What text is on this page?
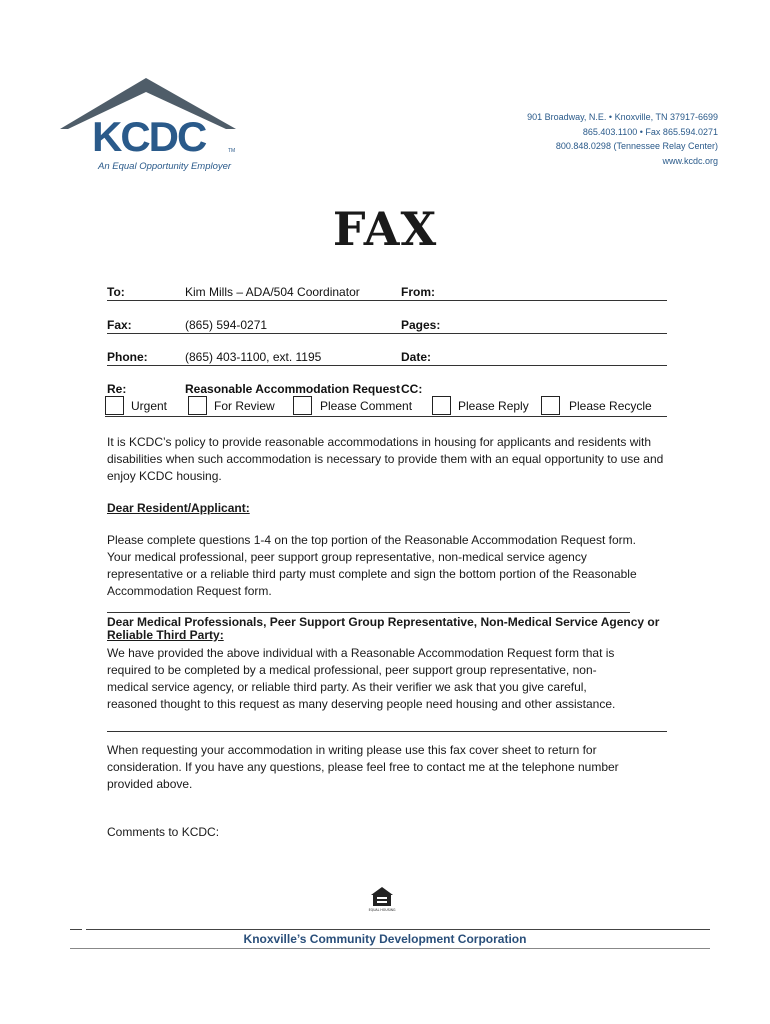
KCDC	TM
An Equal Opportunity Employer
901 Broadway, N.E. • Knoxville, TN 37917-6699
865.403.1100 • Fax 865.594.0271
800.848.0298 (Tennessee Relay Center)
www.kcdc.org
FAX
To:	Kim Mills – ADA/504 Coordinator	From:
Fax:	(865) 594-0271	Pages:
Phone:	(865) 403-1100, ext. 1195	Date:
Re:	Reasonable Accommodation Request CC:
Urgent	For Review	Please Comment	Please Reply	Please Recycle
It is KCDC’s policy to provide reasonable accommodations in housing for applicants and residents with disabilities when such accommodation is necessary to provide them with an equal opportunity to use and enjoy KCDC housing.
Dear Resident/Applicant:
Please complete questions 1-4 on the top portion of the Reasonable Accommodation Request form. Your medical professional, peer support group representative, non-medical service agency representative or a reliable third party must complete and sign the bottom portion of the Reasonable Accommodation Request form.
Dear Medical Professionals, Peer Support Group Representative, Non-Medical Service Agency or
Reliable Third Party:
We have provided the above individual with a Reasonable Accommodation Request form that is required to be completed by a medical professional, peer support group representative, non-medical service agency, or reliable third party. As their verifier we ask that you give careful, reasoned thought to this request as many deserving people need housing and other assistance.
When requesting your accommodation in writing please use this fax cover sheet to return for consideration. If you have any questions, please feel free to contact me at the telephone number provided above.
Comments to KCDC:
EQUAL HOUSING
Knoxville’s Community Development Corporation
